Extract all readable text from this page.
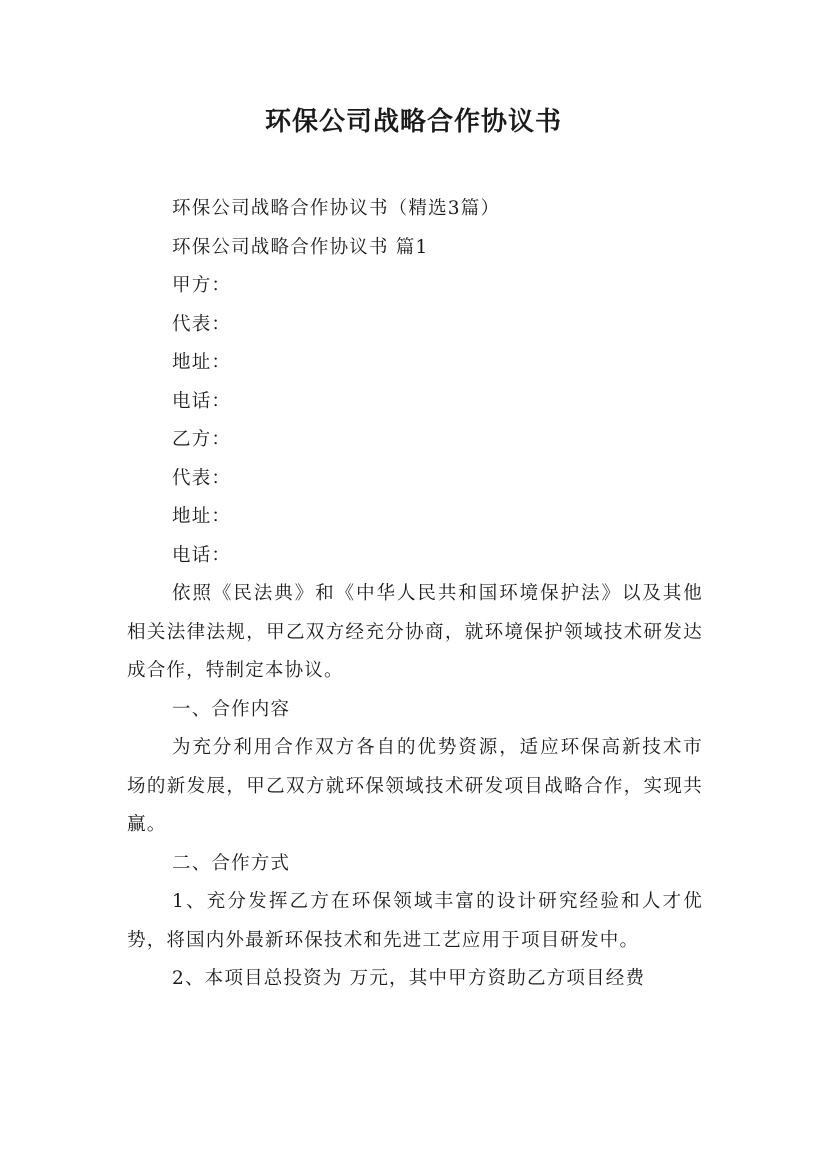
环保公司战略合作协议书

环保公司战略合作协议书（精选3篇）

环保公司战略合作协议书 篇1

甲方：

代表：

地址：

电话：

乙方：

代表：

地址：

电话：

依照《民法典》和《中华人民共和国环境保护法》以及其他相关法律法规，甲乙双方经充分协商，就环境保护领域技术研发达成合作，特制定本协议。

一、合作内容

为充分利用合作双方各自的优势资源，适应环保高新技术市场的新发展，甲乙双方就环保领域技术研发项目战略合作，实现共赢。

二、合作方式

1、充分发挥乙方在环保领域丰富的设计研究经验和人才优势，将国内外最新环保技术和先进工艺应用于项目研发中。

2、本项目总投资为 万元，其中甲方资助乙方项目经费
